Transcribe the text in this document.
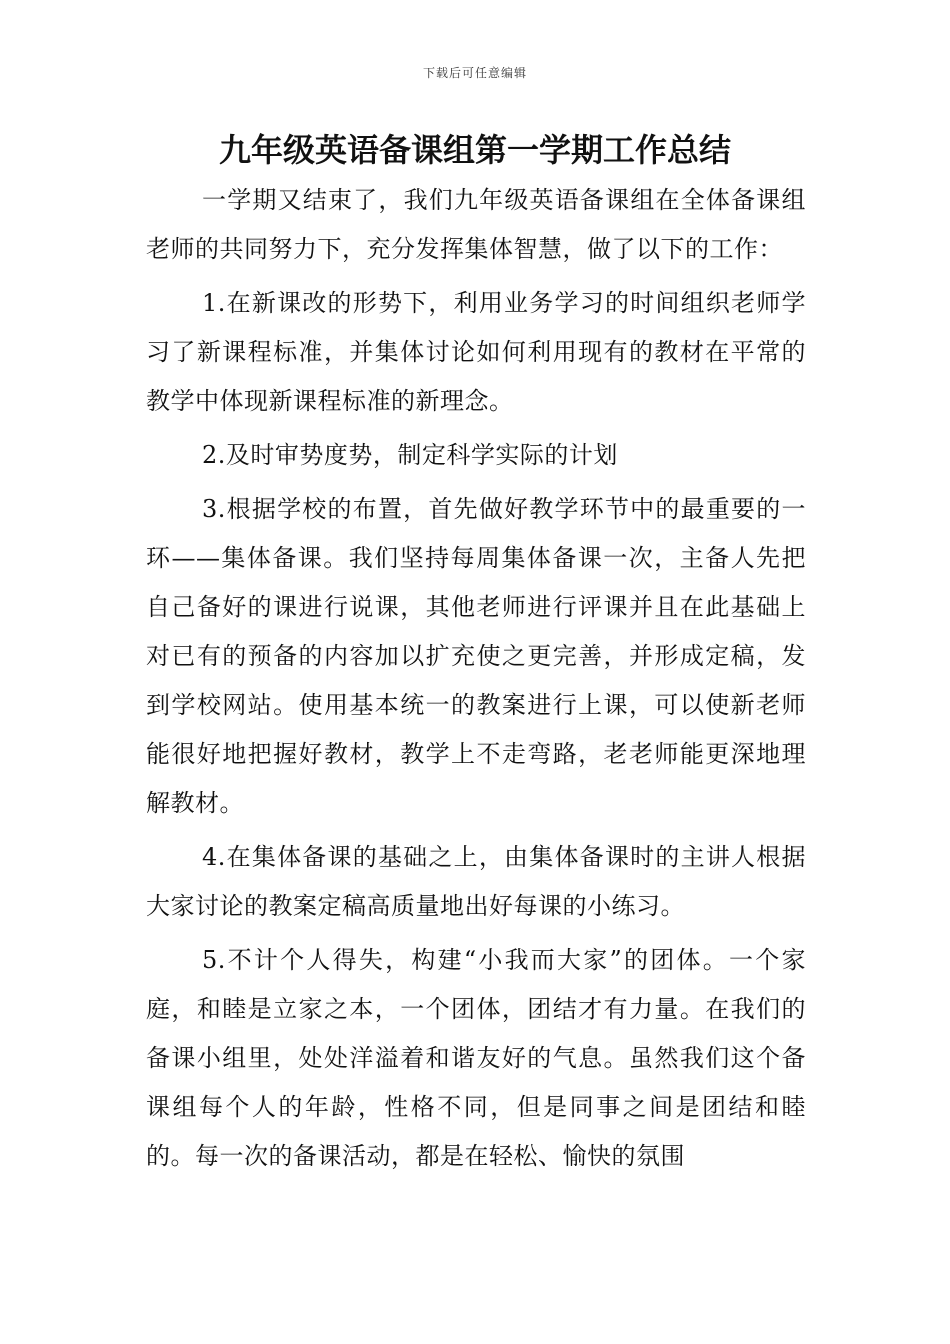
下载后可任意编辑
九年级英语备课组第一学期工作总结

一学期又结束了，我们九年级英语备课组在全体备课组老师的共同努力下，充分发挥集体智慧，做了以下的工作：

1.在新课改的形势下，利用业务学习的时间组织老师学习了新课程标准，并集体讨论如何利用现有的教材在平常的教学中体现新课程标准的新理念。

2.及时审势度势，制定科学实际的计划

3.根据学校的布置，首先做好教学环节中的最重要的一环——集体备课。我们坚持每周集体备课一次，主备人先把自己备好的课进行说课，其他老师进行评课并且在此基础上对已有的预备的内容加以扩充使之更完善，并形成定稿，发到学校网站。使用基本统一的教案进行上课，可以使新老师能很好地把握好教材，教学上不走弯路，老老师能更深地理解教材。

4.在集体备课的基础之上，由集体备课时的主讲人根据大家讨论的教案定稿高质量地出好每课的小练习。

5.不计个人得失，构建“小我而大家”的团体。一个家庭，和睦是立家之本，一个团体，团结才有力量。在我们的备课小组里，处处洋溢着和谐友好的气息。虽然我们这个备课组每个人的年龄，性格不同，但是同事之间是团结和睦的。每一次的备课活动，都是在轻松、愉快的氛围
